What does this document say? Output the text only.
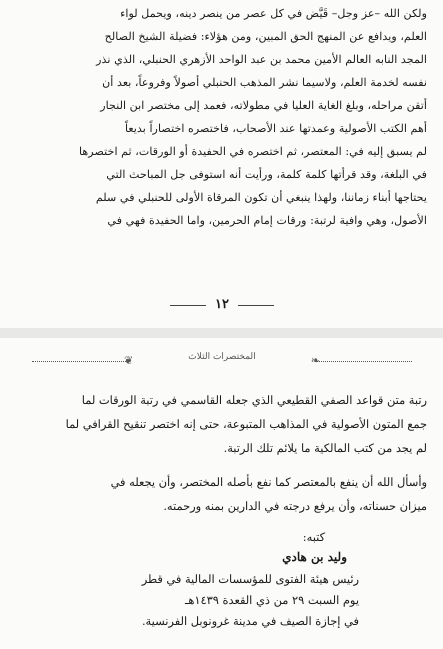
ولكن الله –عز وجل– قَيَّض في كل عصر من ينصر دينه، ويحمل لواء
العلم، ويدافع عن المنهج الحق المبين، ومن هؤلاء: فضيلة الشيخ الصالح
المجد النابه العالم الأمين محمد بن عبد الواحد الأزهري الحنبلي، الذي نذر
نفسه لخدمة العلم، ولاسيما نشر المذهب الحنبلي أصولاً وفروعاً، بعد أن
أتقن مراحله، وبلغ الغاية العليا في مطولاته، فعمد إلى مختصر ابن النجار
أهم الكتب الأصولية وعمدتها عند الأصحاب، فاختصره اختصاراً بديعاً
لم يسبق إليه في: المعتصر، ثم اختصره في الحفيدة أو الورقات، ثم اختصرها
في البلغة، وقد قرأتها كلمة كلمة، ورأيت أنه استوفى جل المباحث التي
يحتاجها أبناء زماننا، ولهذا ينبغي أن تكون المرقاة الأولى للحنبلي في سلم
الأصول، وهي وافية لرتبة: ورقات إمام الحرمين، واما الحفيدة فهي في
١٢
❦	المختصرات الثلاث	❧
رتبة متن قواعد الصفي القطيعي الذي جعله القاسمي في رتبة الورقات لما
جمع المتون الأصولية في المذاهب المتبوعة، حتى إنه اختصر تنقيح القرافي لما
لم يجد من كتب المالكية ما يلائم تلك الرتبة.
وأسأل الله أن ينفع بالمعتصر كما نفع بأصله المختصر، وأن يجعله في
ميزان حسناته، وأن يرفع درجته في الدارين بمنه ورحمته.
كتبه:
وليد بن هادي
رئيس هيئة الفتوى للمؤسسات المالية في قطر
يوم السبت ٢٩ من ذي القعدة ١٤٣٩هـ
في إجازة الصيف في مدينة غرونوبل الفرنسية.
